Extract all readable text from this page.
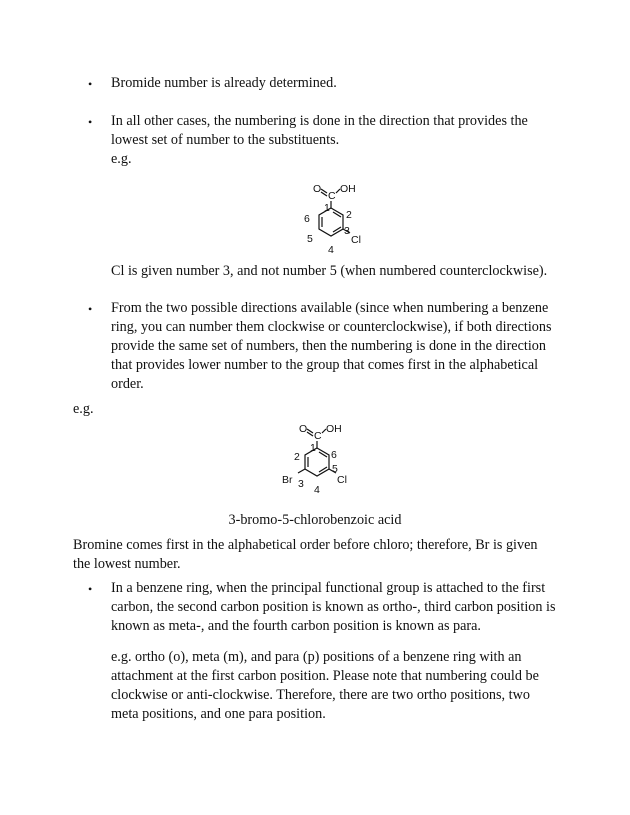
•	Bromide number is already determined.
•	In all other cases, the numbering is done in the direction that provides the lowest set of number to the substituents.
e.g.
O
C
OH
Cl
1
2
3
4
5
6
Cl is given number 3, and not number 5 (when numbered counterclockwise).
•	From the two possible directions available (since when numbering a benzene ring, you can number them clockwise or counterclockwise), if both directions provide the same set of numbers, then the numbering is done in the direction that provides lower number to the group that comes first in the alphabetical order.
e.g.
O
C
OH
Cl
Br
1
2
3 4
5
6
3-bromo-5-chlorobenzoic acid
Bromine comes first in the alphabetical order before chloro; therefore, Br is given the lowest number.
•	In a benzene ring, when the principal functional group is attached to the first carbon, the second carbon position is known as ortho-, third carbon position is known as meta-, and the fourth carbon position is known as para.
e.g. ortho (o), meta (m), and para (p) positions of a benzene ring with an attachment at the first carbon position. Please note that numbering could be clockwise or anti-clockwise. Therefore, there are two ortho positions, two meta positions, and one para position.
